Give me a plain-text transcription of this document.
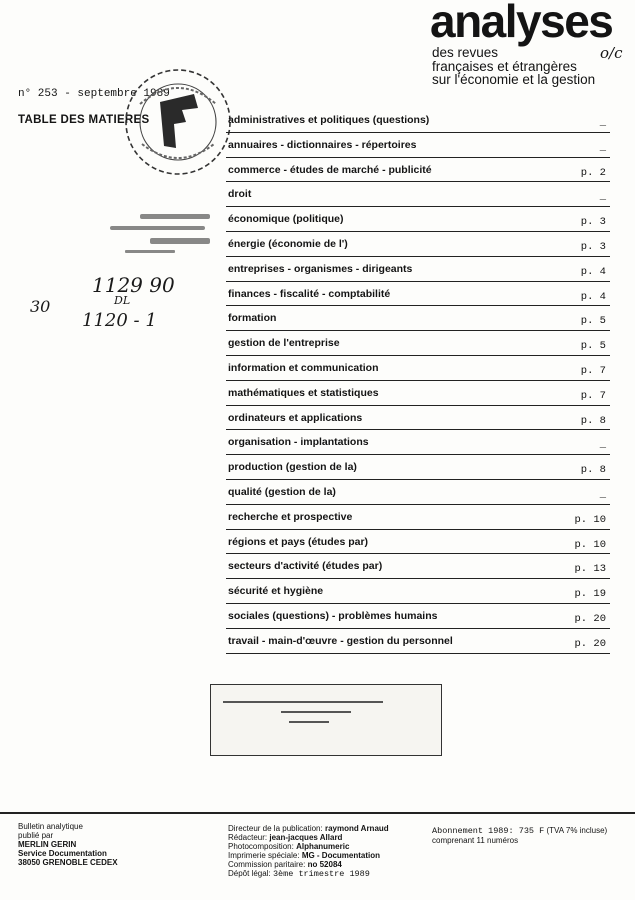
analyses
des revues
françaises et étrangères
sur l'économie et la gestion
o/c
n° 253 - septembre 1989
TABLE DES MATIERES	administratives et politiques (questions)	_
annuaires - dictionnaires - répertoires	_
commerce - études de marché - publicité	p. 2
droit	_
économique (politique)	p. 3
énergie (économie de l')	p. 3
entreprises - organismes - dirigeants	p. 4
finances - fiscalité - comptabilité	p. 4
formation	p. 5
gestion de l'entreprise	p. 5
information et communication	p. 7
mathématiques et statistiques	p. 7
ordinateurs et applications	p. 8
organisation - implantations	_
production (gestion de la)	p. 8
qualité (gestion de la)	_
recherche et prospective	p. 10
régions et pays (études par)	p. 10
secteurs d'activité (études par)	p. 13
sécurité et hygiène	p. 19
sociales (questions) - problèmes humains	p. 20
travail - main-d'œuvre - gestion du personnel	p. 20
1129 90
DL
30
1120 - 1
Bulletin analytique
publié par
MERLIN GERIN
Service Documentation
38050 GRENOBLE CEDEX
Directeur de la publication: raymond Arnaud
Rédacteur: jean-jacques Allard
Photocomposition: Alphanumeric
Imprimerie spéciale: MG - Documentation
Commission paritaire: no 52084
Dépôt légal: 3ème trimestre 1989
Abonnement 1989: 735 F (TVA 7% incluse)
comprenant 11 numéros
